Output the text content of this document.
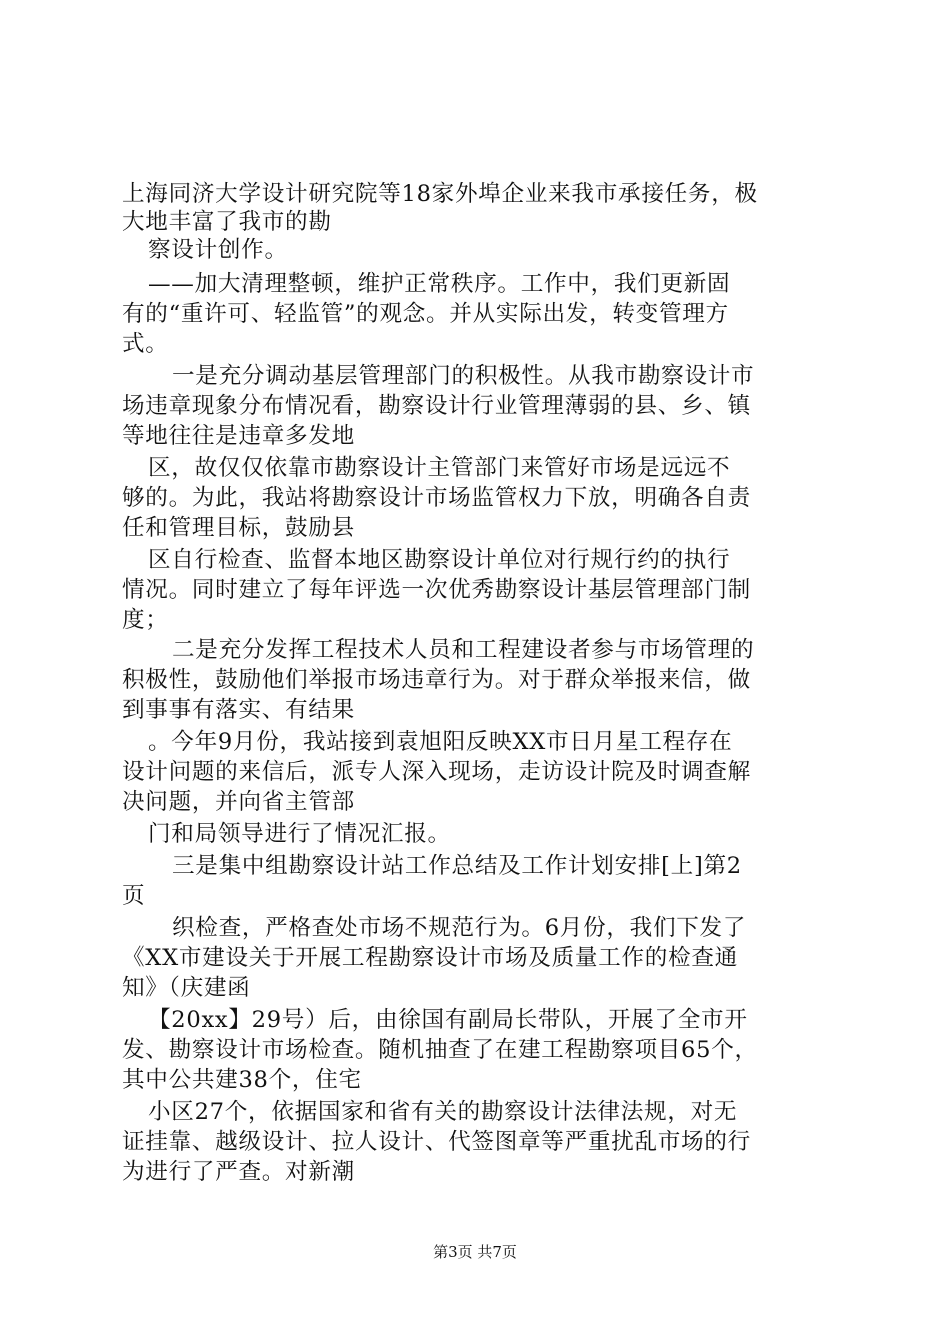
上海同济大学设计研究院等18家外埠企业来我市承接任务，极
大地丰富了我市的勘
察设计创作。
——加大清理整顿，维护正常秩序。工作中，我们更新固
有的“重许可、轻监管”的观念。并从实际出发，转变管理方
式。
一是充分调动基层管理部门的积极性。从我市勘察设计市
场违章现象分布情况看，勘察设计行业管理薄弱的县、乡、镇
等地往往是违章多发地
区，故仅仅依靠市勘察设计主管部门来管好市场是远远不
够的。为此，我站将勘察设计市场监管权力下放，明确各自责
任和管理目标，鼓励县
区自行检查、监督本地区勘察设计单位对行规行约的执行
情况。同时建立了每年评选一次优秀勘察设计基层管理部门制
度；
二是充分发挥工程技术人员和工程建设者参与市场管理的
积极性，鼓励他们举报市场违章行为。对于群众举报来信，做
到事事有落实、有结果
。今年9月份，我站接到袁旭阳反映XX市日月星工程存在
设计问题的来信后，派专人深入现场，走访设计院及时调查解
决问题，并向省主管部
门和局领导进行了情况汇报。
三是集中组勘察设计站工作总结及工作计划安排[上]第2
页
织检查，严格查处市场不规范行为。6月份，我们下发了
《XX市建设关于开展工程勘察设计市场及质量工作的检查通
知》（庆建函
【20xx】29号）后，由徐国有副局长带队，开展了全市开
发、勘察设计市场检查。随机抽查了在建工程勘察项目65个，
其中公共建38个，住宅
小区27个，依据国家和省有关的勘察设计法律法规，对无
证挂靠、越级设计、拉人设计、代签图章等严重扰乱市场的行
为进行了严查。对新潮
第3页 共7页
